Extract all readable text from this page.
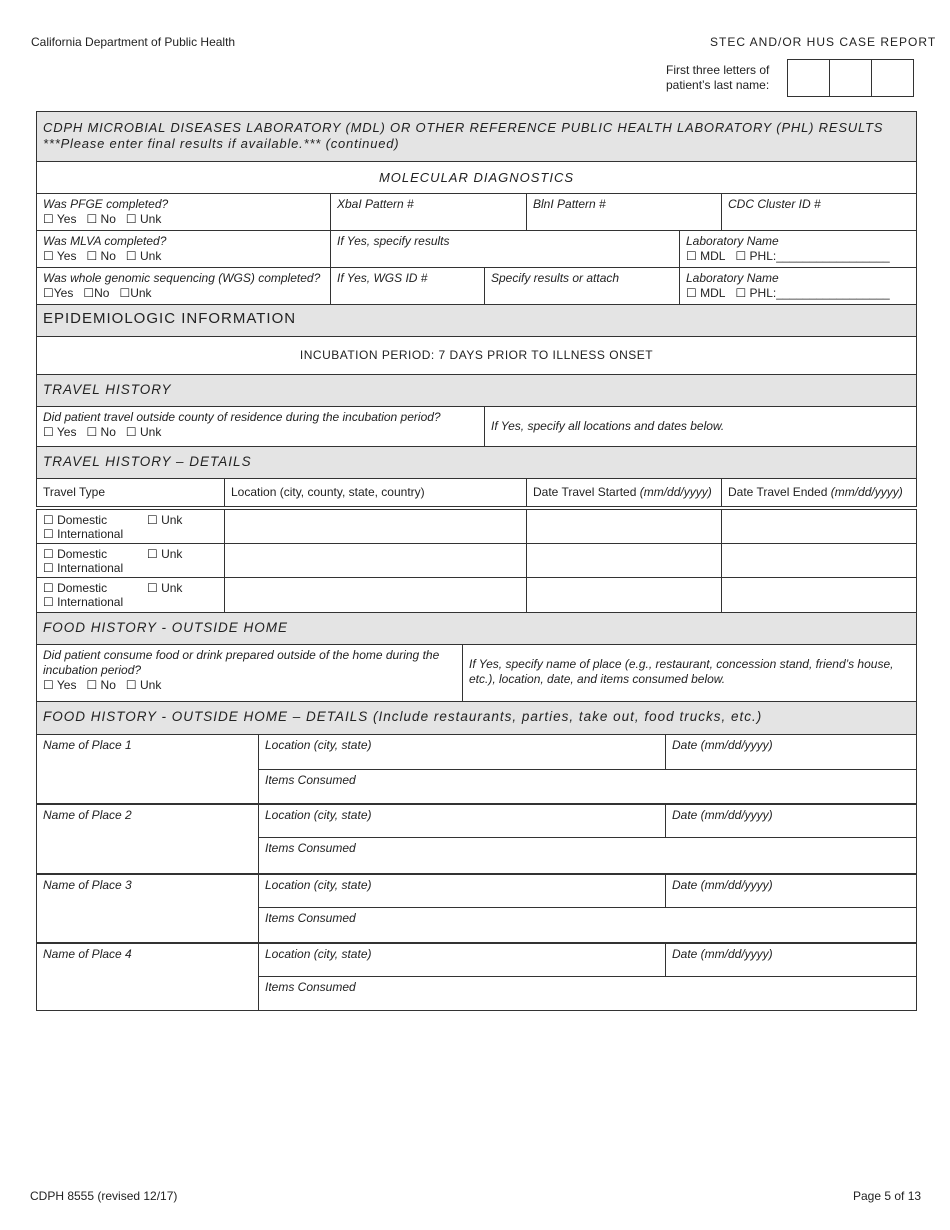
California Department of Public Health	STEC AND/OR HUS CASE REPORT
First three letters of
patient’s last name:
CDPH MICROBIAL DISEASES LABORATORY (MDL) OR OTHER REFERENCE PUBLIC HEALTH LABORATORY (PHL) RESULTS
***Please enter final results if available.*** (continued)
MOLECULAR DIAGNOSTICS
Was PFGE completed?
☐ Yes ☐ No ☐ Unk
XbaI Pattern #	BlnI Pattern #	CDC Cluster ID #
Was MLVA completed?
☐ Yes ☐ No ☐ Unk
If Yes, specify results	Laboratory Name
☐ MDL ☐ PHL:_________________
Was whole genomic sequencing (WGS) completed?
☐Yes ☐No ☐Unk
If Yes, WGS ID #	Specify results or attach	Laboratory Name
☐ MDL ☐ PHL:_________________
EPIDEMIOLOGIC INFORMATION
INCUBATION PERIOD: 7 DAYS PRIOR TO ILLNESS ONSET
TRAVEL HISTORY
Did patient travel outside county of residence during the incubation period?
☐ Yes ☐ No ☐ Unk	If Yes, specify all locations and dates below.
TRAVEL HISTORY – DETAILS
Travel Type	Location (city, county, state, country)	Date Travel Started (mm/dd/yyyy)	Date Travel Ended (mm/dd/yyyy)
☐ Domestic	☐ Unk
☐ International
☐ Domestic	☐ Unk
☐ International
☐ Domestic	☐ Unk
☐ International
FOOD HISTORY - OUTSIDE HOME
Did patient consume food or drink prepared outside of the home during the incubation period?
☐ Yes ☐ No ☐ Unk
If Yes, specify name of place (e.g., restaurant, concession stand, friend’s house, etc.), location, date, and items consumed below.
FOOD HISTORY - OUTSIDE HOME – DETAILS (Include restaurants, parties, take out, food trucks, etc.)
Name of Place 1	Location (city, state)	Date (mm/dd/yyyy)
Items Consumed
Name of Place 2	Location (city, state)	Date (mm/dd/yyyy)
Items Consumed
Name of Place 3	Location (city, state)	Date (mm/dd/yyyy)
Items Consumed
Name of Place 4	Location (city, state)	Date (mm/dd/yyyy)
Items Consumed
CDPH 8555 (revised 12/17)	Page 5 of 13
